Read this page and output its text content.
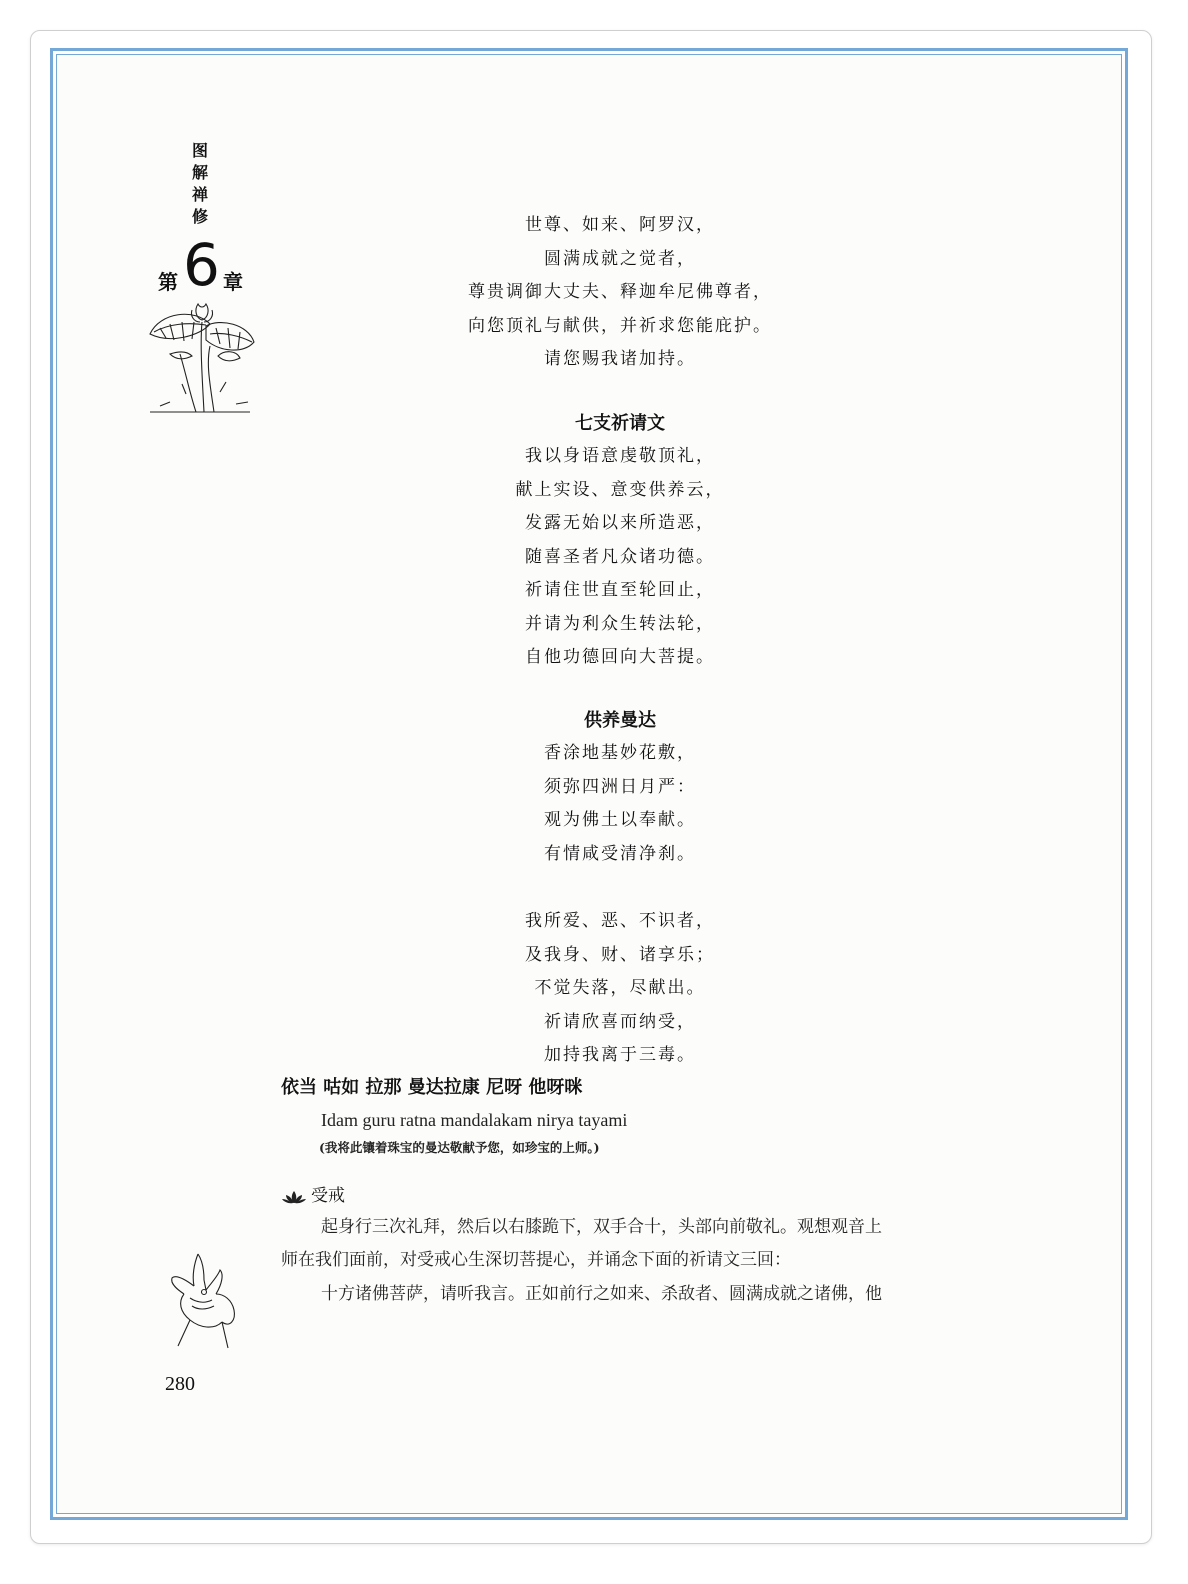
图
解
禅
修
第 6 章
世尊、如来、阿罗汉，
圆满成就之觉者，
尊贵调御大丈夫、释迦牟尼佛尊者，
向您顶礼与献供，并祈求您能庇护。
请您赐我诸加持。
七支祈请文
我以身语意虔敬顶礼，
献上实设、意变供养云，
发露无始以来所造恶，
随喜圣者凡众诸功德。
祈请住世直至轮回止，
并请为利众生转法轮，
自他功德回向大菩提。
供养曼达
香涂地基妙花敷，
须弥四洲日月严：
观为佛土以奉献。
有情咸受清净刹。
我所爱、恶、不识者，
及我身、财、诸享乐；
不觉失落，尽献出。
祈请欣喜而纳受，
加持我离于三毒。
依当 咕如 拉那 曼达拉康 尼呀 他呀咪
Idam guru ratna mandalakam nirya tayami
(我将此镶着珠宝的曼达敬献予您，如珍宝的上师。)
受戒
起身行三次礼拜，然后以右膝跪下，双手合十，头部向前敬礼。观想观音上
师在我们面前，对受戒心生深切菩提心，并诵念下面的祈请文三回：
十方诸佛菩萨，请听我言。正如前行之如来、杀敌者、圆满成就之诸佛，他
280
